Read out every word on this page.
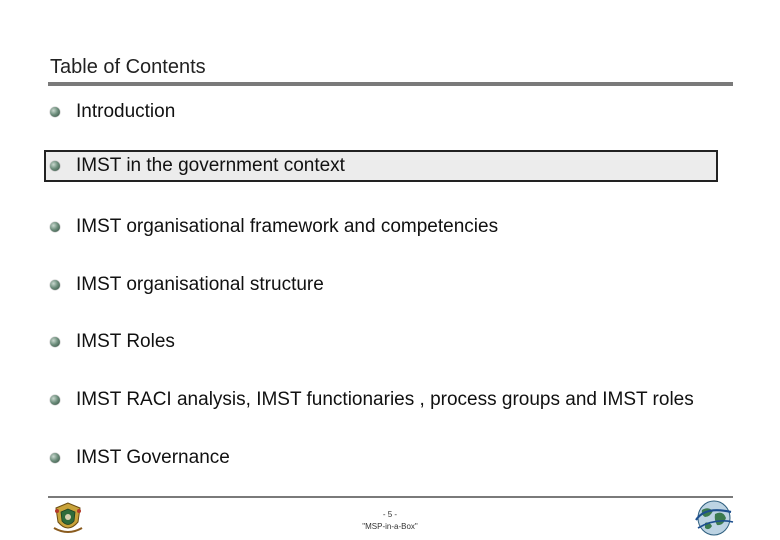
Table of Contents
Introduction
IMST in the government context
IMST organisational framework and competencies
IMST organisational structure
IMST Roles
IMST RACI analysis, IMST functionaries , process groups and IMST roles
IMST Governance
- 5 -
"MSP-in-a-Box"
